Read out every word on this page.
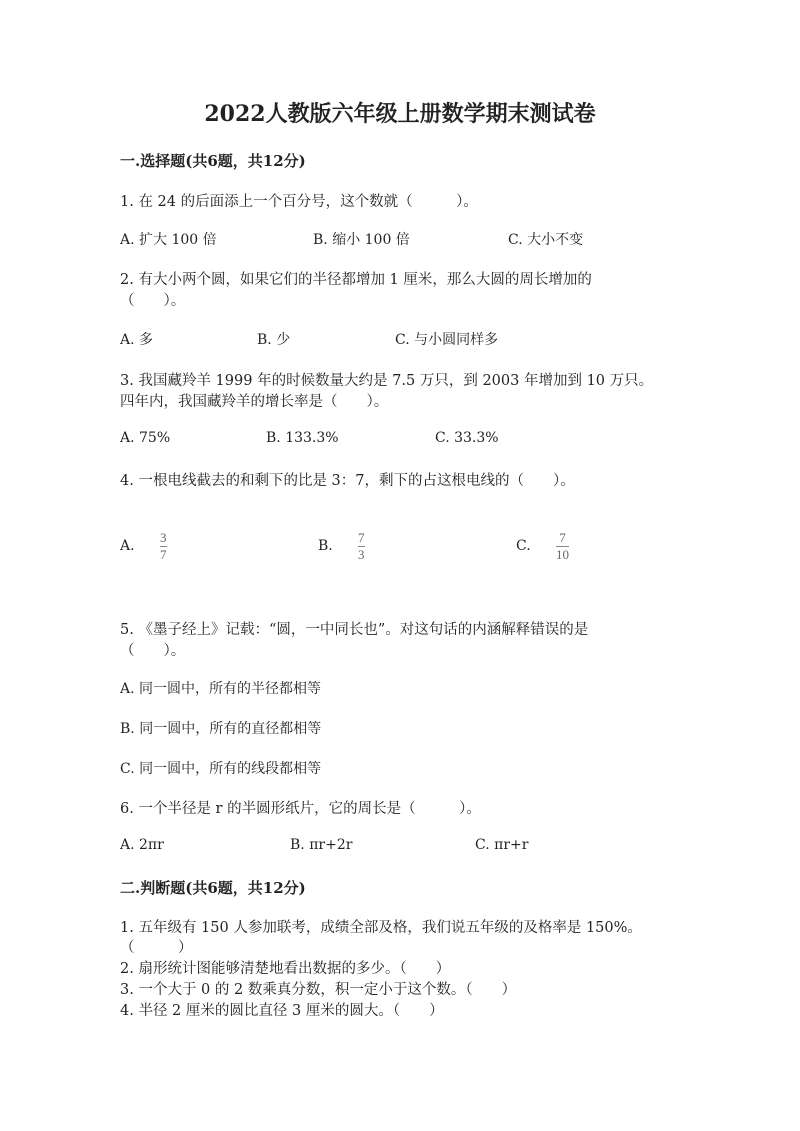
2022人教版六年级上册数学期末测试卷
一.选择题(共6题，共12分)
1. 在 24 的后面添上一个百分号，这个数就（　　　）。
A. 扩大 100 倍	B. 缩小 100 倍	C. 大小不变
2. 有大小两个圆，如果它们的半径都增加 1 厘米，那么大圆的周长增加的
（　　）。
A. 多	B. 少	C. 与小圆同样多
3. 我国藏羚羊 1999 年的时候数量大约是 7.5 万只，到 2003 年增加到 10 万只。
四年内，我国藏羚羊的增长率是（　　）。
A. 75%	B. 133.3%	C. 33.3%
4. 一根电线截去的和剩下的比是 3：7，剩下的占这根电线的（　　）。
A.
3
7
B.
7
3
C.
7
10
5. 《墨子经上》记载：“圆，一中同长也”。对这句话的内涵解释错误的是
（　　）。
A. 同一圆中，所有的半径都相等
B. 同一圆中，所有的直径都相等
C. 同一圆中，所有的线段都相等
6. 一个半径是 r 的半圆形纸片，它的周长是（　　　）。
A. 2πr	B. πr+2r	C. πr+r
二.判断题(共6题，共12分)
1. 五年级有 150 人参加联考，成绩全部及格，我们说五年级的及格率是 150%。
（　　　）
2. 扇形统计图能够清楚地看出数据的多少。（　　）
3. 一个大于 0 的 2 数乘真分数，积一定小于这个数。（　　）
4. 半径 2 厘米的圆比直径 3 厘米的圆大。（　　）
